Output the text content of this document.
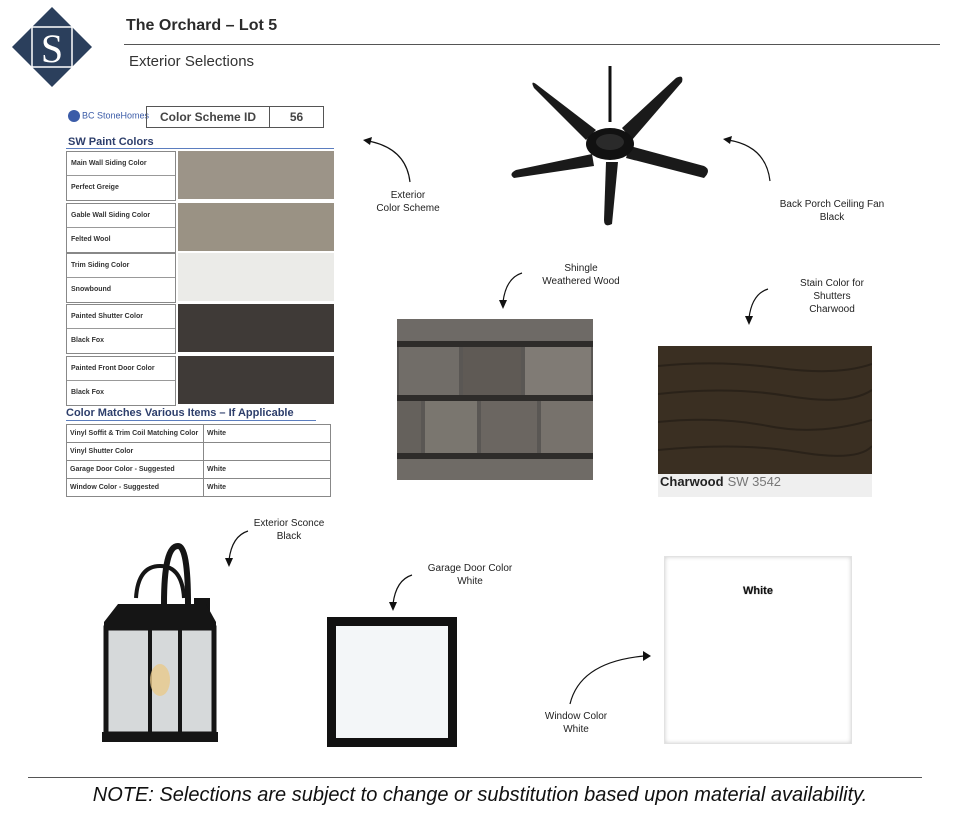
S
The Orchard – Lot 5
Exterior Selections
BC StoneHomes Color Scheme ID	56
SW Paint Colors
Main Wall Siding Color
Perfect Greige
Gable Wall Siding Color
Felted Wool
Trim Siding Color
Snowbound
Painted Shutter Color
Black Fox
Painted Front Door Color
Black Fox
Color Matches Various Items – If Applicable
Vinyl Soffit & Trim Coil Matching Color	White
Vinyl Shutter Color	
Garage Door Color - Suggested	White
Window Color - Suggested	White
Exterior
Color Scheme	Back Porch Ceiling Fan
Black
Shingle
Weathered Wood	Stain Color for
Shutters
Charwood
Charwood SW 3542
Exterior Sconce
Black
Garage Door Color
White
White
Window Color
White
NOTE: Selections are subject to change or substitution based upon material availability.
